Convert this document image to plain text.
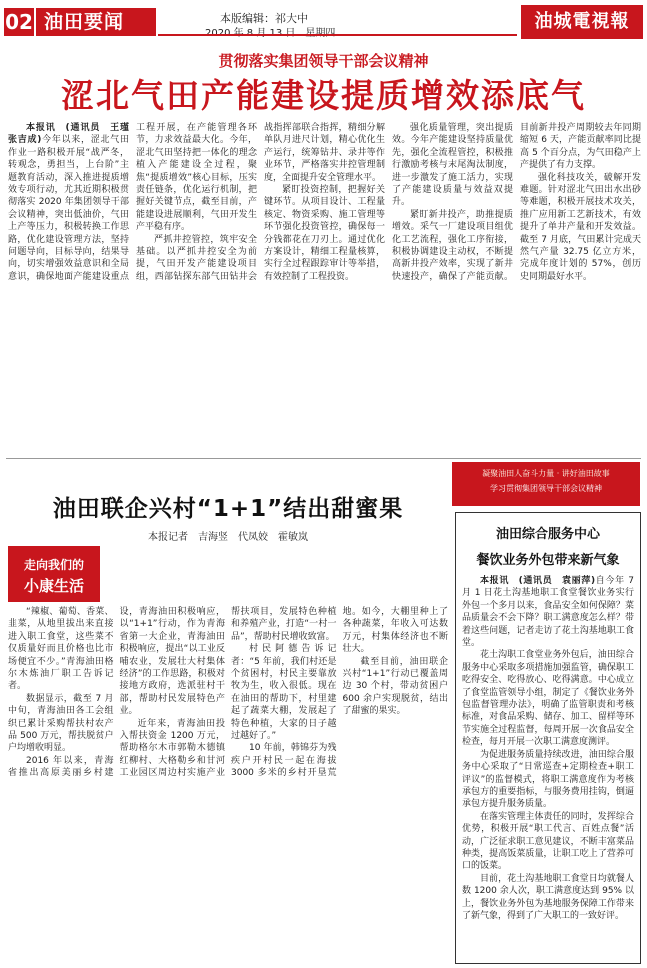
02 油田要闻	本版编辑：祁大中	油城電視報
贯彻落实集团领导干部会议精神
涩北气田产能建设提质增效添底气

本报讯　(通讯员　王瑾　张吉成)今年以来，涩北气田作业一路积极开展“战严冬，转观念，勇担当，上台阶”主题教育活动，深入推进提质增效专项行动，尤其近期积极贯彻落实 2020 年集团领导干部会议精神，突出低油价，气田上产等压力，积极转换工作思路，优化建设管理方法，坚持问题导向，目标导向，结果导向，切实增强效益意识和全局意识，确保地面产能建设重点工程开展，在产能管理各环节，力求效益最大化。今年，涩北气田坚持把一体化的理念植入产能建设全过程，聚焦“提质增效”核心目标，压实责任链条，优化运行机制，把握好关键节点，截至目前，产能建设进展顺利，气田开发生产平稳有序。

严抓井控管控，筑牢安全基础。以严抓井控安全为前提，气田开发产能建设项目组，西部钻探东部气田钻井会战指挥部联合指挥，精细分解单队月进尺计划，精心优化生产运行，统筹钻井、录井等作业环节，严格落实井控管理制度，全面提升安全管理水平。

紧盯投资控制，把握好关键环节。从项目设计、工程量核定、物资采购、施工管理等环节强化投资管控，确保每一分钱都花在刀刃上。通过优化方案设计，精细工程量核算，实行全过程跟踪审计等举措，有效控制了工程投资。

强化质量管理，突出提质效。今年产能建设坚持质量优先，强化全流程管控，积极推行激励考核与末尾淘汰制度，进一步激发了施工活力，实现了产能建设质量与效益双提升。

紧盯新井投产，助推提质增效。采气一厂建设项目组优化工艺流程，强化工序衔接，积极协调建设主动权，不断提高新井投产效率，实现了新井快速投产，确保了产能贡献。目前新井投产周期较去年同期缩短 6 天，产能贡献率同比提高 5 个百分点，为气田稳产上产提供了有力支撑。

强化科技攻关，破解开发难题。针对涩北气田出水出砂等难题，积极开展技术攻关，推广应用新工艺新技术，有效提升了单井产量和开发效益。截至 7 月底，气田累计完成天然气产量 32.75 亿立方米，完成年度计划的 57%，创历史同期最好水平。

凝聚油田人奋斗力量 · 讲好油田故事
学习贯彻集团领导干部会议精神
油田联企兴村“1+1”结出甜蜜果
本报记者　吉海竖　代凤姣　霍敏岚
走向我们的
小康生活

“辣椒、葡萄、香菜、韭菜，从地里拔出来直接进入职工食堂，这些菜不仅质量好而且价格也比市场便宜不少。”青海油田格尔木炼油厂职工告诉记者。

数据显示，截至 7 月中旬，青海油田各工会组织已累计采购帮扶村农产品 500 万元，帮扶脱贫户户均增收明显。

2016 年以来，青海省推出高原美丽乡村建设，青海油田积极响应，以“1+1”行动，作为青海省第一大企业，青海油田积极响应，提出“以工业反哺农业，发展壮大村集体经济”的工作思路，积极对接地方政府，选派驻村干部，帮助村民发展特色产业。

近年来，青海油田投入帮扶资金 1200 万元，帮助格尔木市郭勒木德镇红柳村、大格勒乡和甘河工业园区周边村实施产业帮扶项目，发展特色种植和养殖产业，打造“一村一品”，帮助村民增收致富。

村民阿德告诉记者：“5 年前，我们村还是个贫困村，村民主要靠放牧为生，收入很低。现在在油田的帮助下，村里建起了蔬菜大棚，发展起了特色种植，大家的日子越过越好了。”

10 年前，韩锦芬为残疾户开村民一起在海拔 3000 多米的乡村开垦荒地。如今，大棚里种上了各种蔬菜，年收入可达数万元，村集体经济也不断壮大。

截至目前，油田联企兴村“1+1”行动已覆盖周边 30 个村，带动贫困户 600 余户实现脱贫，结出了甜蜜的果实。

油田综合服务中心
餐饮业务外包带来新气象

本报讯　(通讯员　袁丽萍)自今年 7 月 1 日花土沟基地职工食堂餐饮业务实行外包一个多月以来，食品安全如何保障？菜品质量会不会下降？职工满意度怎么样？带着这些问题，记者走访了花土沟基地职工食堂。

花土沟职工食堂业务外包后，油田综合服务中心采取多项措施加强监管，确保职工吃得安全、吃得放心、吃得满意。中心成立了食堂监管领导小组，制定了《餐饮业务外包监督管理办法》，明确了监管职责和考核标准，对食品采购、储存、加工、留样等环节实施全过程监督，每周开展一次食品安全检查，每月开展一次职工满意度测评。

为促进服务质量持续改进，油田综合服务中心采取了“日常巡查+定期检查+职工评议”的监督模式，将职工满意度作为考核承包方的重要指标，与服务费用挂钩，倒逼承包方提升服务质量。

在落实管理主体责任的同时，发挥综合优势，积极开展“职工代言、百姓点餐”活动，广泛征求职工意见建议，不断丰富菜品种类，提高饭菜质量，让职工吃上了营养可口的饭菜。

目前，花土沟基地职工食堂日均就餐人数 1200 余人次，职工满意度达到 95% 以上，餐饮业务外包为基地服务保障工作带来了新气象，得到了广大职工的一致好评。
